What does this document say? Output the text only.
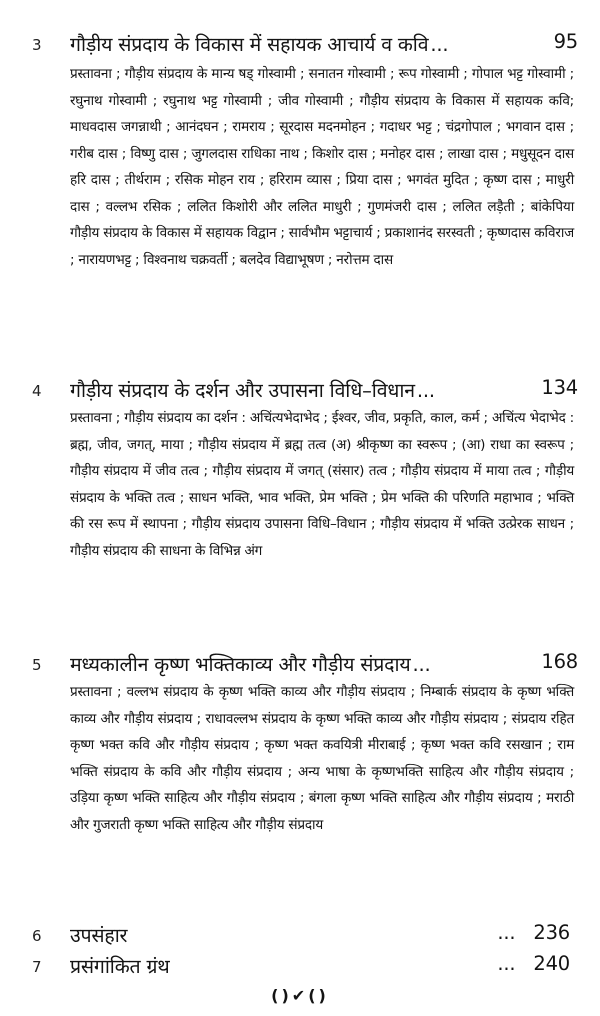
3 गौड़ीय संप्रदाय के विकास में सहायक आचार्य व कवि ...	95
प्रस्तावना ; गौड़ीय संप्रदाय के मान्य षड् गोस्वामी ; सनातन गोस्वामी ; रूप गोस्वामी ; गोपाल भट्ट गोस्वामी ; रघुनाथ गोस्वामी ; रघुनाथ भट्ट गोस्वामी ; जीव गोस्वामी ; गौड़ीय संप्रदाय के विकास में सहायक कवि; माधवदास जगन्नाथी ; आनंदघन ; रामराय ; सूरदास मदनमोहन ; गदाधर भट्ट ; चंद्रगोपाल ; भगवान दास ; गरीब दास ; विष्णु दास ; जुगलदास राधिका नाथ ; किशोर दास ; मनोहर दास ; लाखा दास ; मधुसूदन दास हरि दास ; तीर्थराम ; रसिक मोहन राय ; हरिराम व्यास ; प्रिया दास ; भगवंत मुदित ; कृष्ण दास ; माधुरी दास ; वल्लभ रसिक ; ललित किशोरी और ललित माधुरी ; गुणमंजरी दास ; ललित लड़ैती ; बांकेपिया गौड़ीय संप्रदाय के विकास में सहायक विद्वान ; सार्वभौम भट्टाचार्य ; प्रकाशानंद सरस्वती ; कृष्णदास कविराज ; नारायणभट्ट ; विश्वनाथ चक्रवर्ती ; बलदेव विद्याभूषण ; नरोत्तम दास
4 गौड़ीय संप्रदाय के दर्शन और उपासना विधि–विधान ...	134
प्रस्तावना ; गौड़ीय संप्रदाय का दर्शन : अचिंत्यभेदाभेद ; ईश्वर, जीव, प्रकृति, काल, कर्म ; अचिंत्य भेदाभेद : ब्रह्म, जीव, जगत्, माया ; गौड़ीय संप्रदाय में ब्रह्म तत्व (अ) श्रीकृष्ण का स्वरूप ; (आ) राधा का स्वरूप ; गौड़ीय संप्रदाय में जीव तत्व ; गौड़ीय संप्रदाय में जगत् (संसार) तत्व ; गौड़ीय संप्रदाय में माया तत्व ; गौड़ीय संप्रदाय के भक्ति तत्व ; साधन भक्ति, भाव भक्ति, प्रेम भक्ति ; प्रेम भक्ति की परिणति महाभाव ; भक्ति की रस रूप में स्थापना ; गौड़ीय संप्रदाय उपासना विधि–विधान ; गौड़ीय संप्रदाय में भक्ति उत्प्रेरक साधन ; गौड़ीय संप्रदाय की साधना के विभिन्न अंग
5 मध्यकालीन कृष्ण भक्तिकाव्य और गौड़ीय संप्रदाय ...	168
प्रस्तावना ; वल्लभ संप्रदाय के कृष्ण भक्ति काव्य और गौड़ीय संप्रदाय ; निम्बार्क संप्रदाय के कृष्ण भक्ति काव्य और गौड़ीय संप्रदाय ; राधावल्लभ संप्रदाय के कृष्ण भक्ति काव्य और गौड़ीय संप्रदाय ; संप्रदाय रहित कृष्ण भक्त कवि और गौड़ीय संप्रदाय ; कृष्ण भक्त कवयित्री मीराबाई ; कृष्ण भक्त कवि रसखान ; राम भक्ति संप्रदाय के कवि और गौड़ीय संप्रदाय ; अन्य भाषा के कृष्णभक्ति साहित्य और गौड़ीय संप्रदाय ; उड़िया कृष्ण भक्ति साहित्य और गौड़ीय संप्रदाय ; बंगला कृष्ण भक्ति साहित्य और गौड़ीय संप्रदाय ; मराठी और गुजराती कृष्ण भक्ति साहित्य और गौड़ीय संप्रदाय
6 उपसंहार	... 236
7 प्रसंगांकित ग्रंथ	... 240
()✔()
